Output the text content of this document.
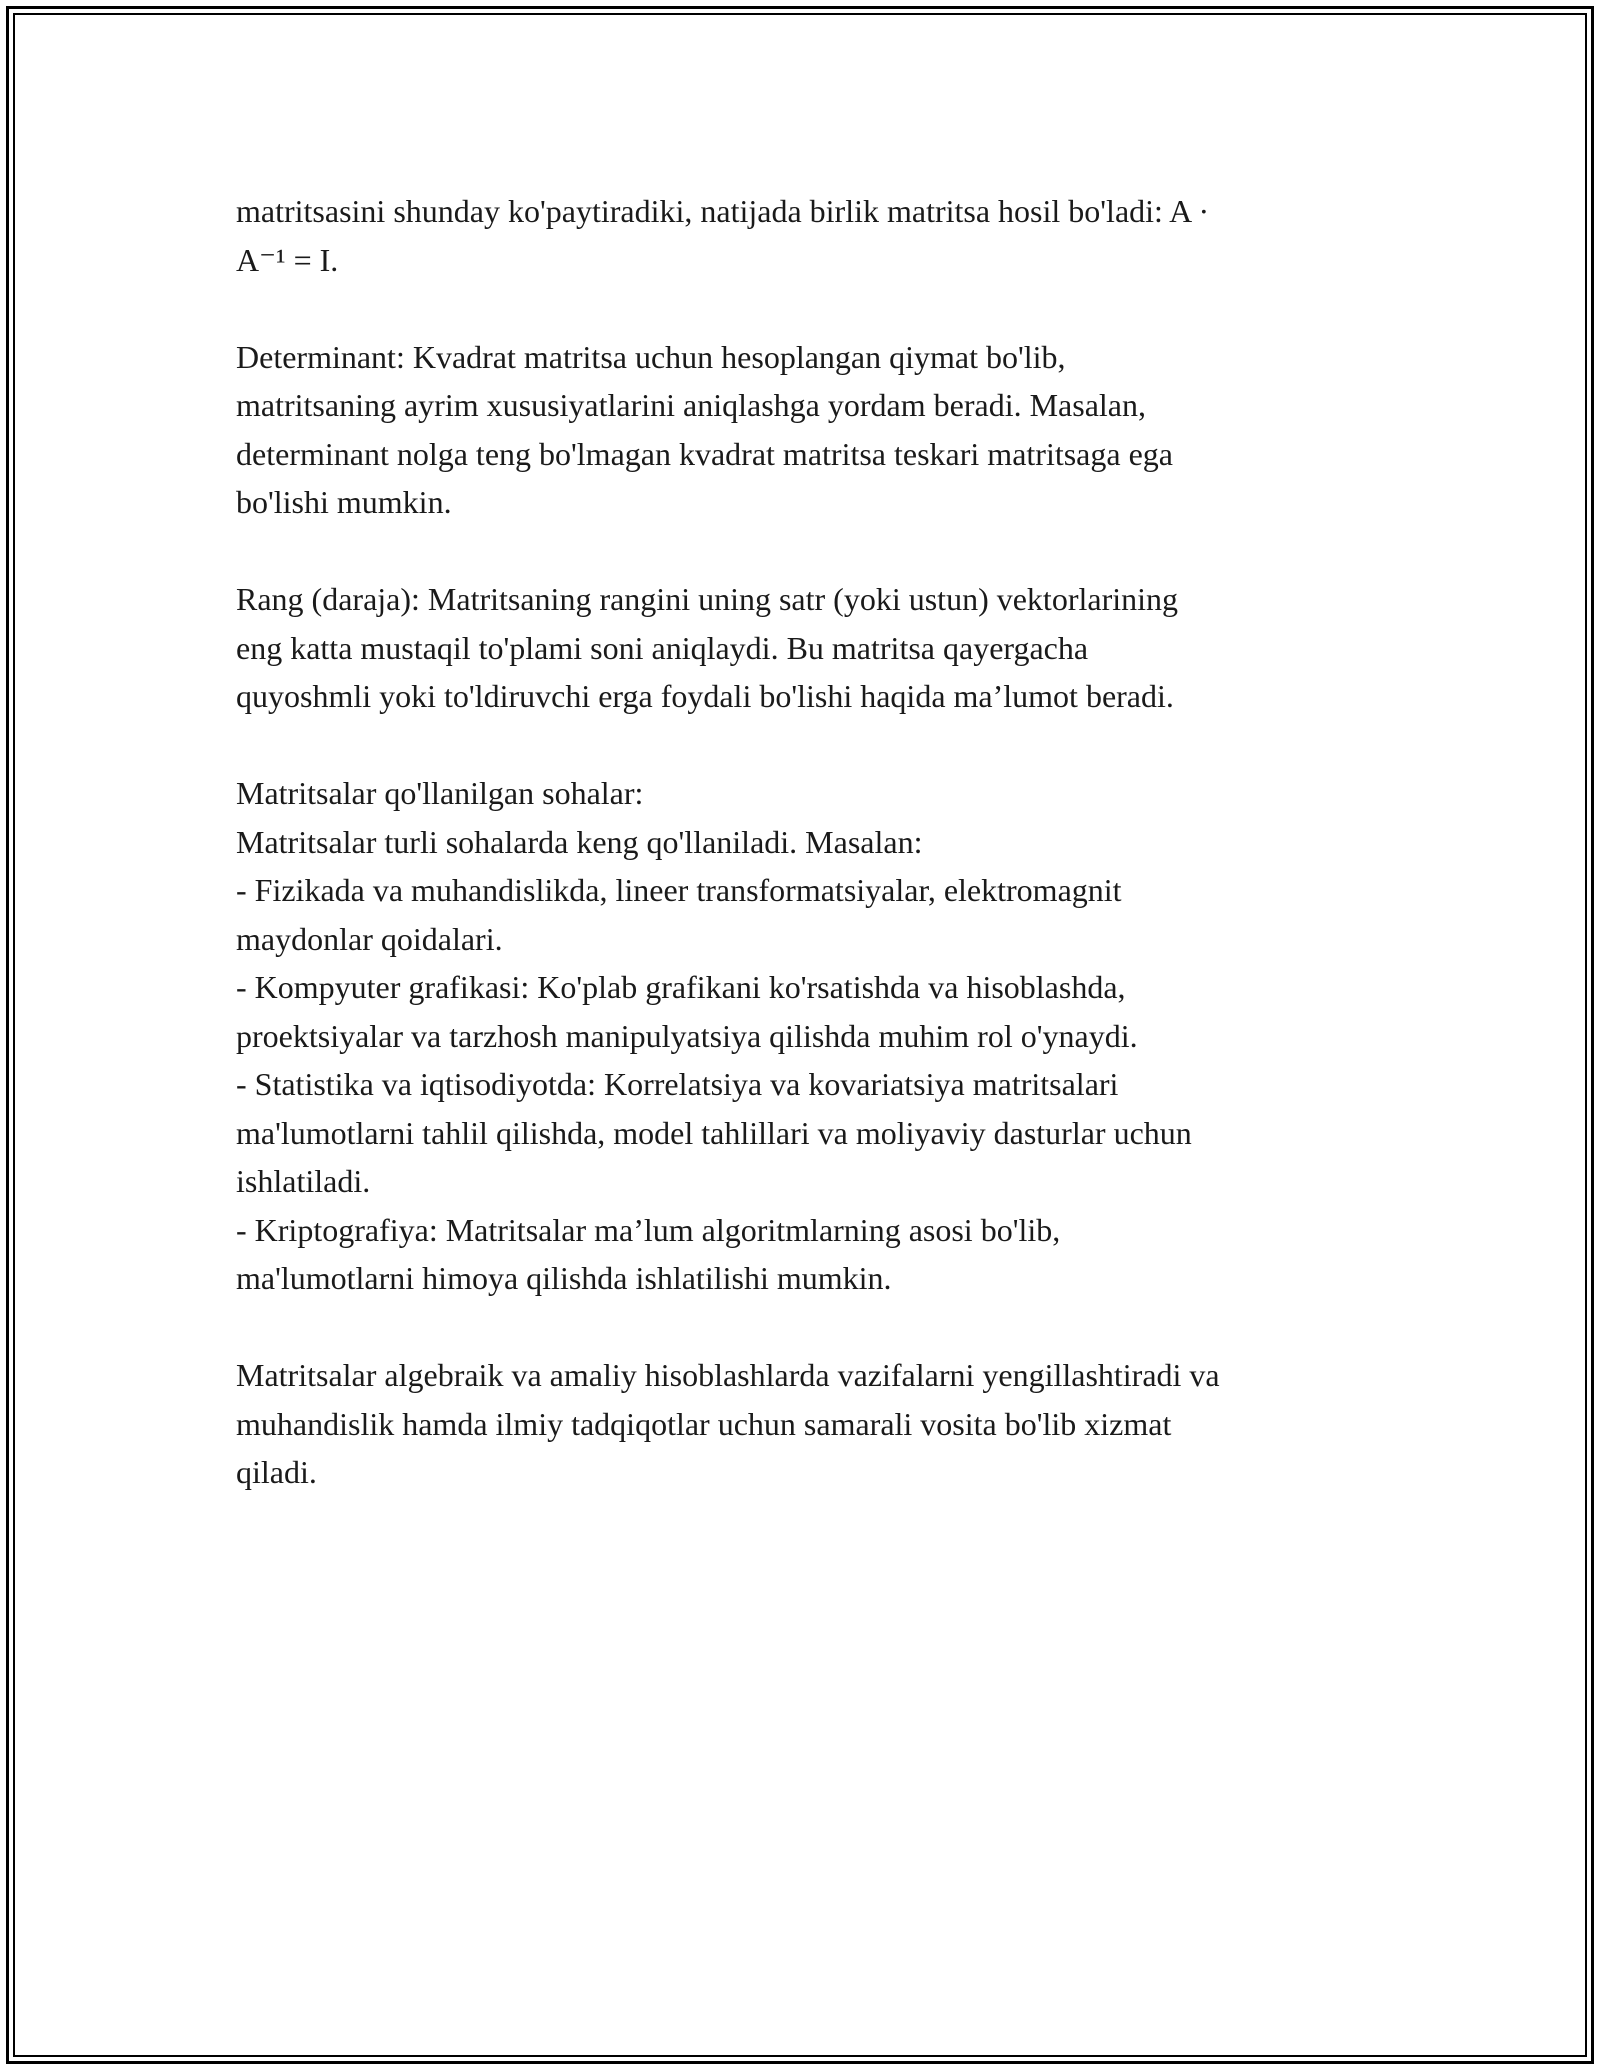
matritsasini shunday ko'paytiradiki, natijada birlik matritsa hosil bo'ladi: A ·
A⁻¹ = I.

Determinant: Kvadrat matritsa uchun hesoplangan qiymat bo'lib,
matritsaning ayrim xususiyatlarini aniqlashga yordam beradi. Masalan,
determinant nolga teng bo'lmagan kvadrat matritsa teskari matritsaga ega
bo'lishi mumkin.

Rang (daraja): Matritsaning rangini uning satr (yoki ustun) vektorlarining
eng katta mustaqil to'plami soni aniqlaydi. Bu matritsa qayergacha
quyoshmli yoki to'ldiruvchi erga foydali bo'lishi haqida ma’lumot beradi.

Matritsalar qo'llanilgan sohalar:
Matritsalar turli sohalarda keng qo'llaniladi. Masalan:
- Fizikada va muhandislikda, lineer transformatsiyalar, elektromagnit
maydonlar qoidalari.
- Kompyuter grafikasi: Ko'plab grafikani ko'rsatishda va hisoblashda,
proektsiyalar va tarzhosh manipulyatsiya qilishda muhim rol o'ynaydi.
- Statistika va iqtisodiyotda: Korrelatsiya va kovariatsiya matritsalari
ma'lumotlarni tahlil qilishda, model tahlillari va moliyaviy dasturlar uchun
ishlatiladi.
- Kriptografiya: Matritsalar ma’lum algoritmlarning asosi bo'lib,
ma'lumotlarni himoya qilishda ishlatilishi mumkin.

Matritsalar algebraik va amaliy hisoblashlarda vazifalarni yengillashtiradi va
muhandislik hamda ilmiy tadqiqotlar uchun samarali vosita bo'lib xizmat
qiladi.
